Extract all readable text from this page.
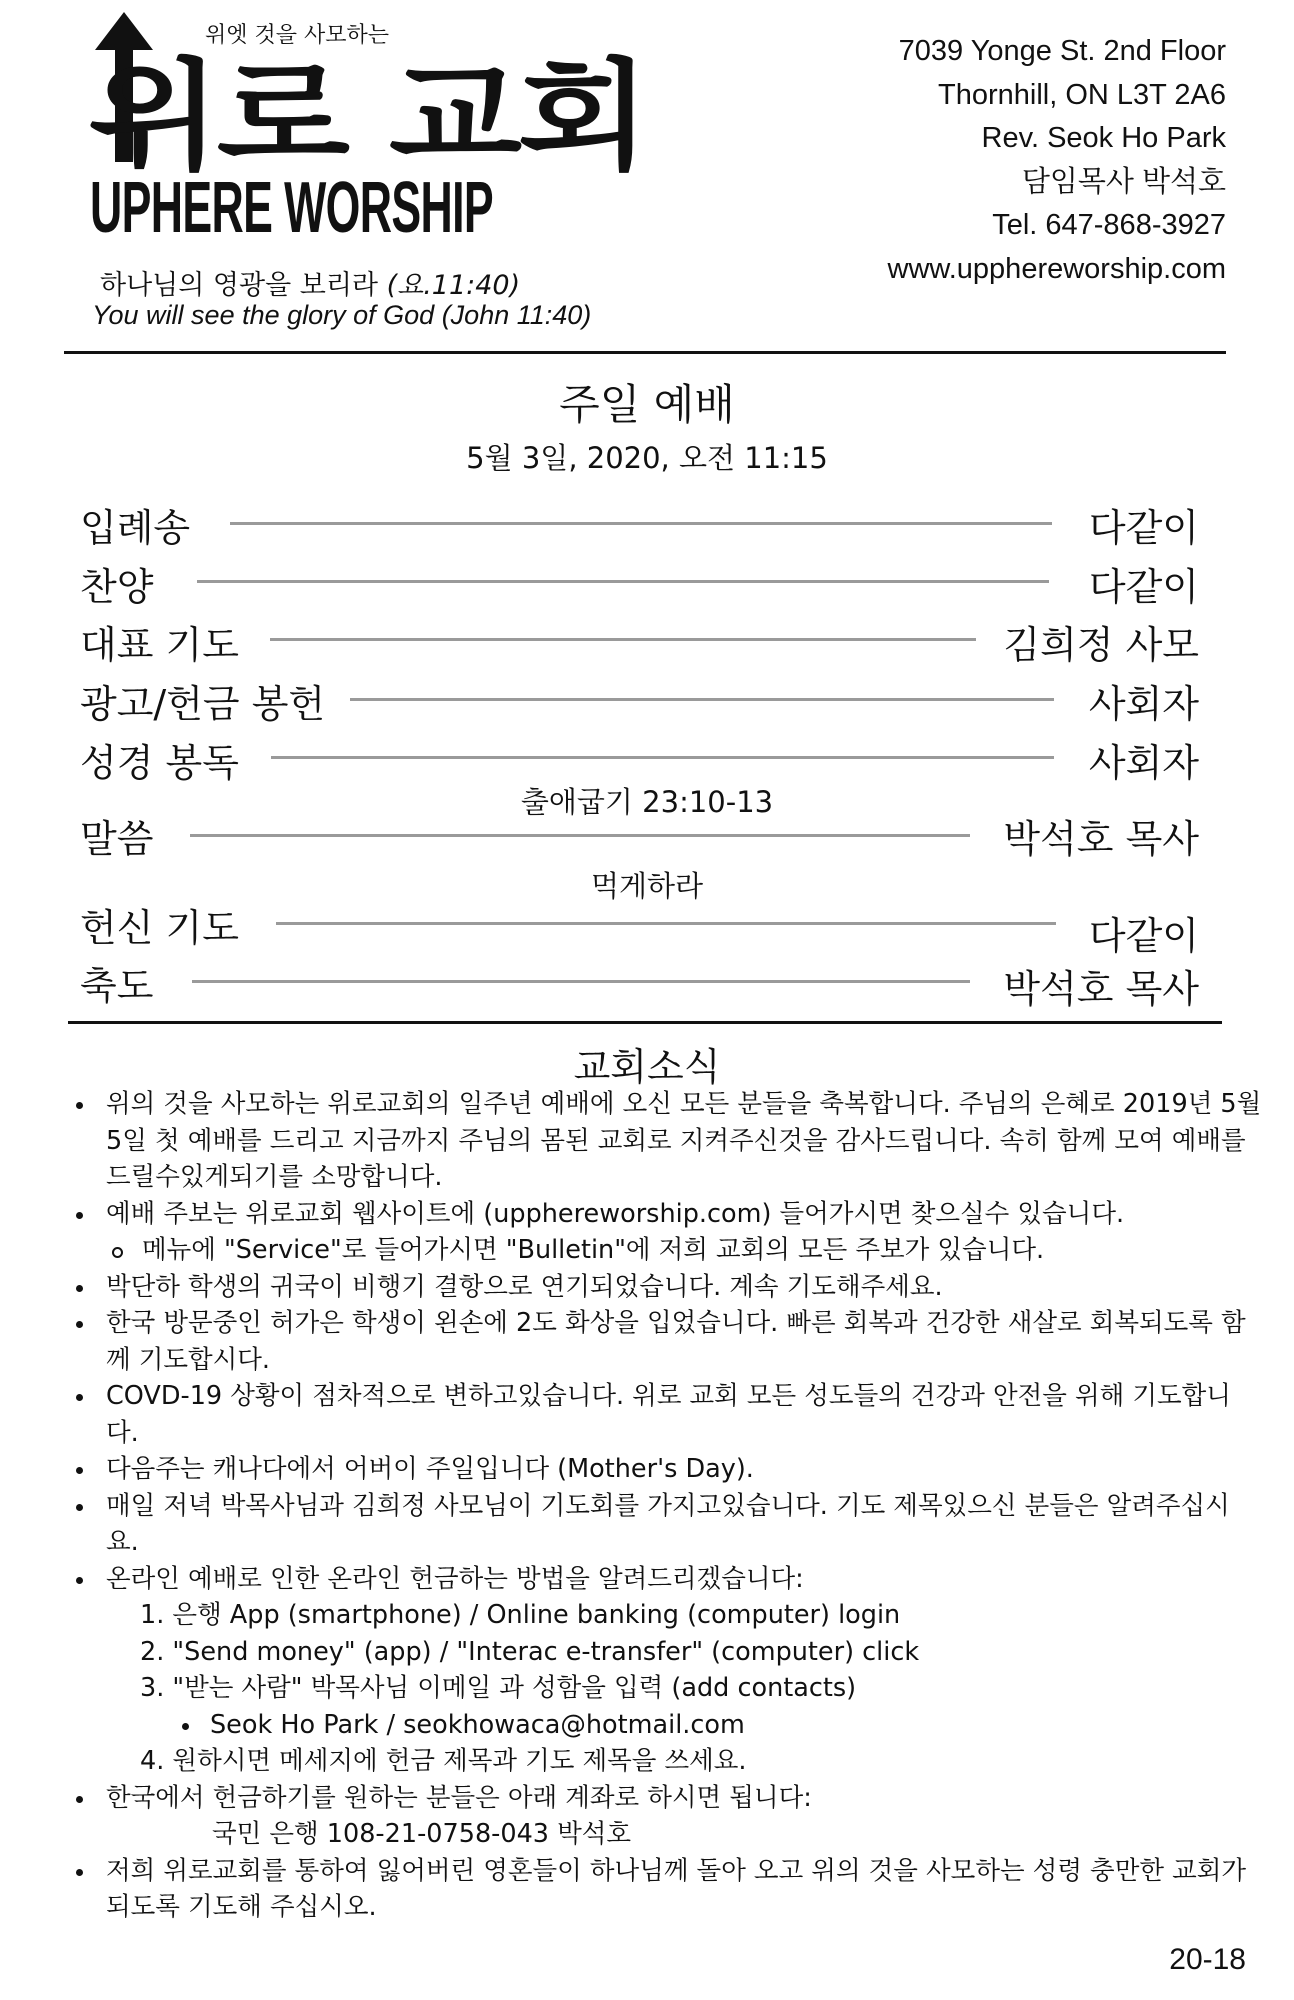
위엣 것을 사모하는
위로 교회
UPHERE WORSHIP
하나님의 영광을 보리라 (요.11:40)
You will see the glory of God (John 11:40)
7039 Yonge St. 2nd Floor
Thornhill, ON L3T 2A6
Rev. Seok Ho Park
담임목사 박석호
Tel. 647-868-3927
www.upphereworship.com
주일 예배
5월 3일, 2020, 오전 11:15
입례송	다같이
찬양	다같이
대표 기도	김희정 사모
광고/헌금 봉헌	사회자
성경 봉독	사회자
출애굽기 23:10-13
말씀	박석호 목사
먹게하라
헌신 기도	다같이
축도	박석호 목사
교회소식
위의 것을 사모하는 위로교회의 일주년 예배에 오신 모든 분들을 축복합니다. 주님의 은혜로 2019년 5월 5일 첫 예배를 드리고 지금까지 주님의 몸된 교회로 지켜주신것을 감사드립니다. 속히 함께 모여 예배를 드릴수있게되기를 소망합니다.
예배 주보는 위로교회 웹사이트에 (upphereworship.com) 들어가시면 찾으실수 있습니다.
메뉴에 "Service"로 들어가시면 "Bulletin"에 저희 교회의 모든 주보가 있습니다.
박단하 학생의 귀국이 비행기 결항으로 연기되었습니다. 계속 기도해주세요.
한국 방문중인 허가은 학생이 왼손에 2도 화상을 입었습니다. 빠른 회복과 건강한 새살로 회복되도록 함께 기도합시다.
COVD-19 상황이 점차적으로 변하고있습니다. 위로 교회 모든 성도들의 건강과 안전을 위해 기도합니다.
다음주는 캐나다에서 어버이 주일입니다 (Mother's Day).
매일 저녁 박목사님과 김희정 사모님이 기도회를 가지고있습니다. 기도 제목있으신 분들은 알려주십시요.
온라인 예배로 인한 온라인 헌금하는 방법을 알려드리겠습니다:
1. 은행 App (smartphone) / Online banking (computer) login
2. "Send money" (app) / "Interac e-transfer" (computer) click
3. "받는 사람" 박목사님 이메일 과 성함을 입력 (add contacts)
Seok Ho Park / seokhowaca@hotmail.com
4. 원하시면 메세지에 헌금 제목과 기도 제목을 쓰세요.
한국에서 헌금하기를 원하는 분들은 아래 계좌로 하시면 됩니다:
국민 은행 108-21-0758-043 박석호
저희 위로교회를 통하여 잃어버린 영혼들이 하나님께 돌아 오고 위의 것을 사모하는 성령 충만한 교회가 되도록 기도해 주십시오.
20-18
